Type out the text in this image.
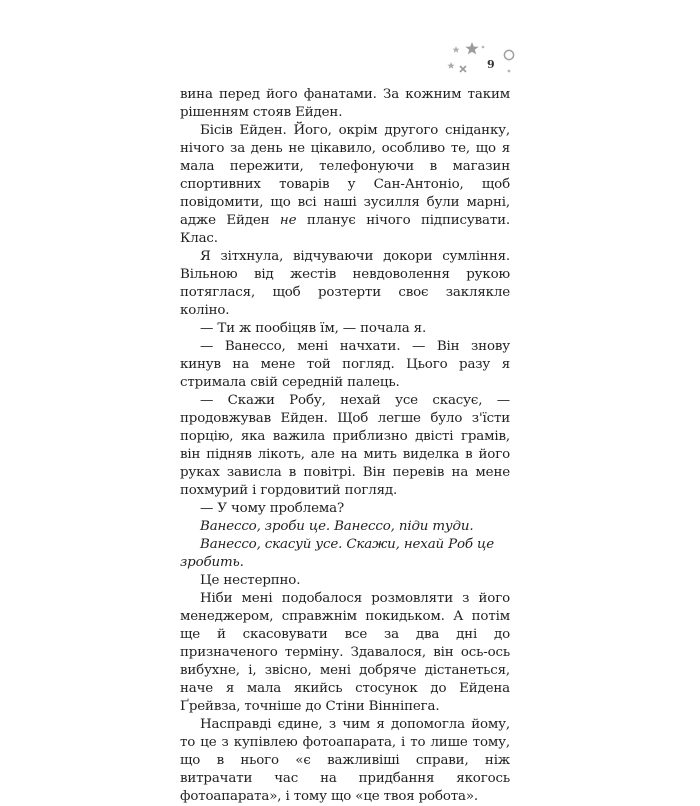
9

вина перед його фанатами. За кожним таким рішенням стояв Ейден.

Бісів Ейден. Його, окрім другого сніданку, нічого за день не цікавило, особливо те, що я мала пережити, телефонуючи в магазин спортивних товарів у Сан-Антоніо, щоб повідомити, що всі наші зусилля були марні, адже Ейден не планує нічого підписувати. Клас.

Я зітхнула, відчуваючи докори сумління. Вільною від жестів невдоволення рукою потяглася, щоб розтерти своє заклякле коліно.

— Ти ж пообіцяв їм, — почала я.

— Ванессо, мені начхати. — Він знову кинув на мене той погляд. Цього разу я стримала свій середній палець.

— Скажи Робу, нехай усе скасує, — продовжував Ейден. Щоб легше було з'їсти порцію, яка важила приблизно двісті грамів, він підняв лікоть, але на мить виделка в його руках зависла в повітрі. Він перевів на мене похмурий і гордовитий погляд.

— У чому проблема?

Ванессо, зроби це. Ванессо, піди туди.

Ванессо, скасуй усе. Скажи, нехай Роб це зробить.

Це нестерпно.

Ніби мені подобалося розмовляти з його менеджером, справжнім покидьком. А потім ще й скасовувати все за два дні до призначеного терміну. Здавалося, він ось-ось вибухне, і, звісно, мені добряче дістанеться, наче я мала якийсь стосунок до Ейдена Ґрейвза, точніше до Стіни Вінніпега.

Насправді єдине, з чим я допомогла йому, то це з купівлею фотоапарата, і то лише тому, що в нього «є важливіші справи, ніж витрачати час на придбання якогось фотоапарата», і тому що «це твоя робота».
